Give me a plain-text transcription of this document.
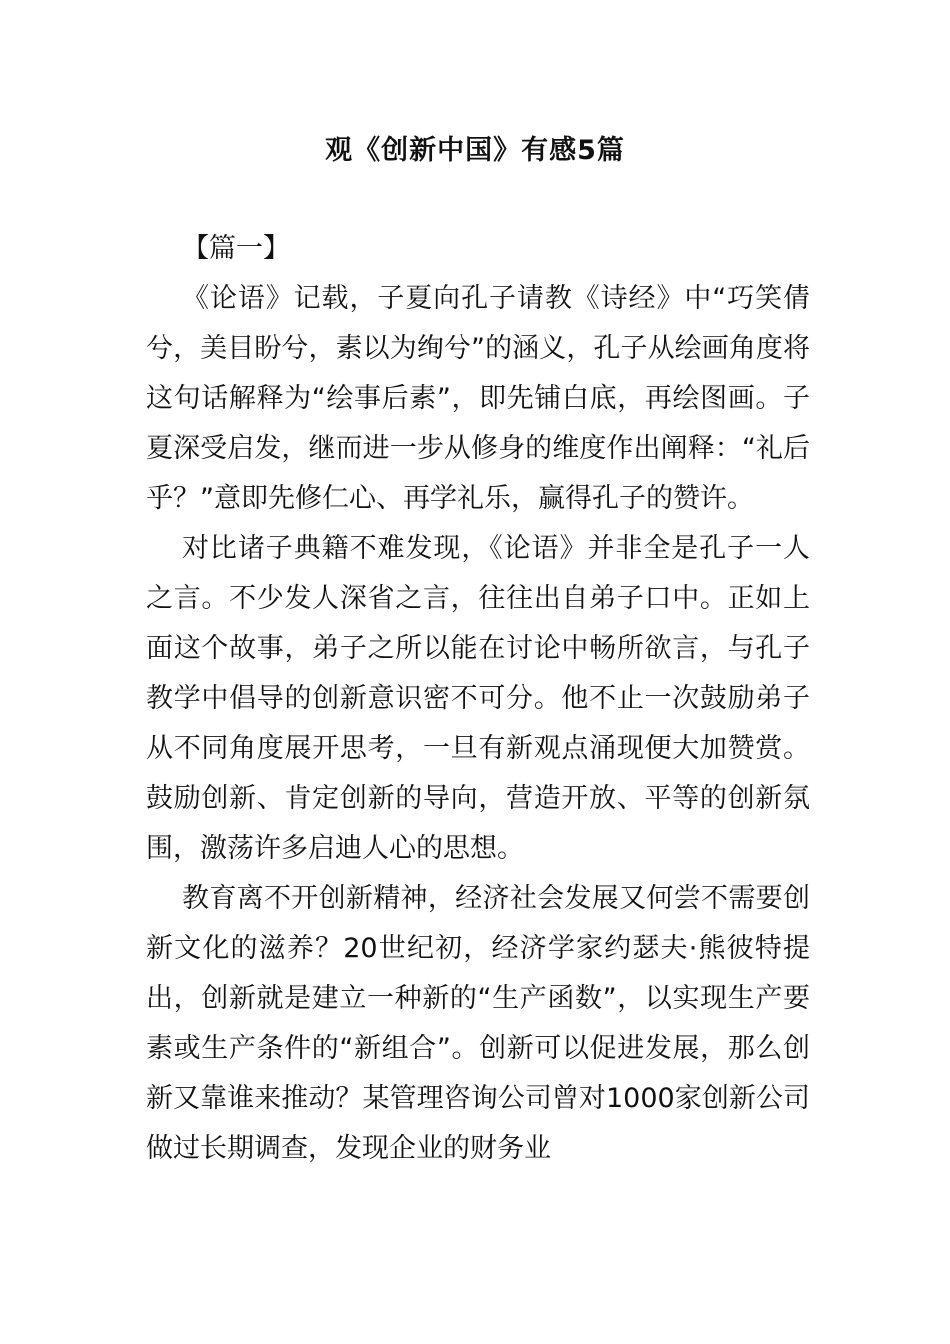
观《创新中国》有感5篇

【篇一】

《论语》记载，子夏向孔子请教《诗经》中“巧笑倩兮，美目盼兮，素以为绚兮”的涵义，孔子从绘画角度将这句话解释为“绘事后素”，即先铺白底，再绘图画。子夏深受启发，继而进一步从修身的维度作出阐释：“礼后乎？”意即先修仁心、再学礼乐，赢得孔子的赞许。

对比诸子典籍不难发现，《论语》并非全是孔子一人之言。不少发人深省之言，往往出自弟子口中。正如上面这个故事，弟子之所以能在讨论中畅所欲言，与孔子教学中倡导的创新意识密不可分。他不止一次鼓励弟子从不同角度展开思考，一旦有新观点涌现便大加赞赏。鼓励创新、肯定创新的导向，营造开放、平等的创新氛围，激荡许多启迪人心的思想。

教育离不开创新精神，经济社会发展又何尝不需要创新文化的滋养？20世纪初，经济学家约瑟夫·熊彼特提出，创新就是建立一种新的“生产函数”，以实现生产要素或生产条件的“新组合”。创新可以促进发展，那么创新又靠谁来推动？某管理咨询公司曾对1000家创新公司做过长期调查，发现企业的财务业
